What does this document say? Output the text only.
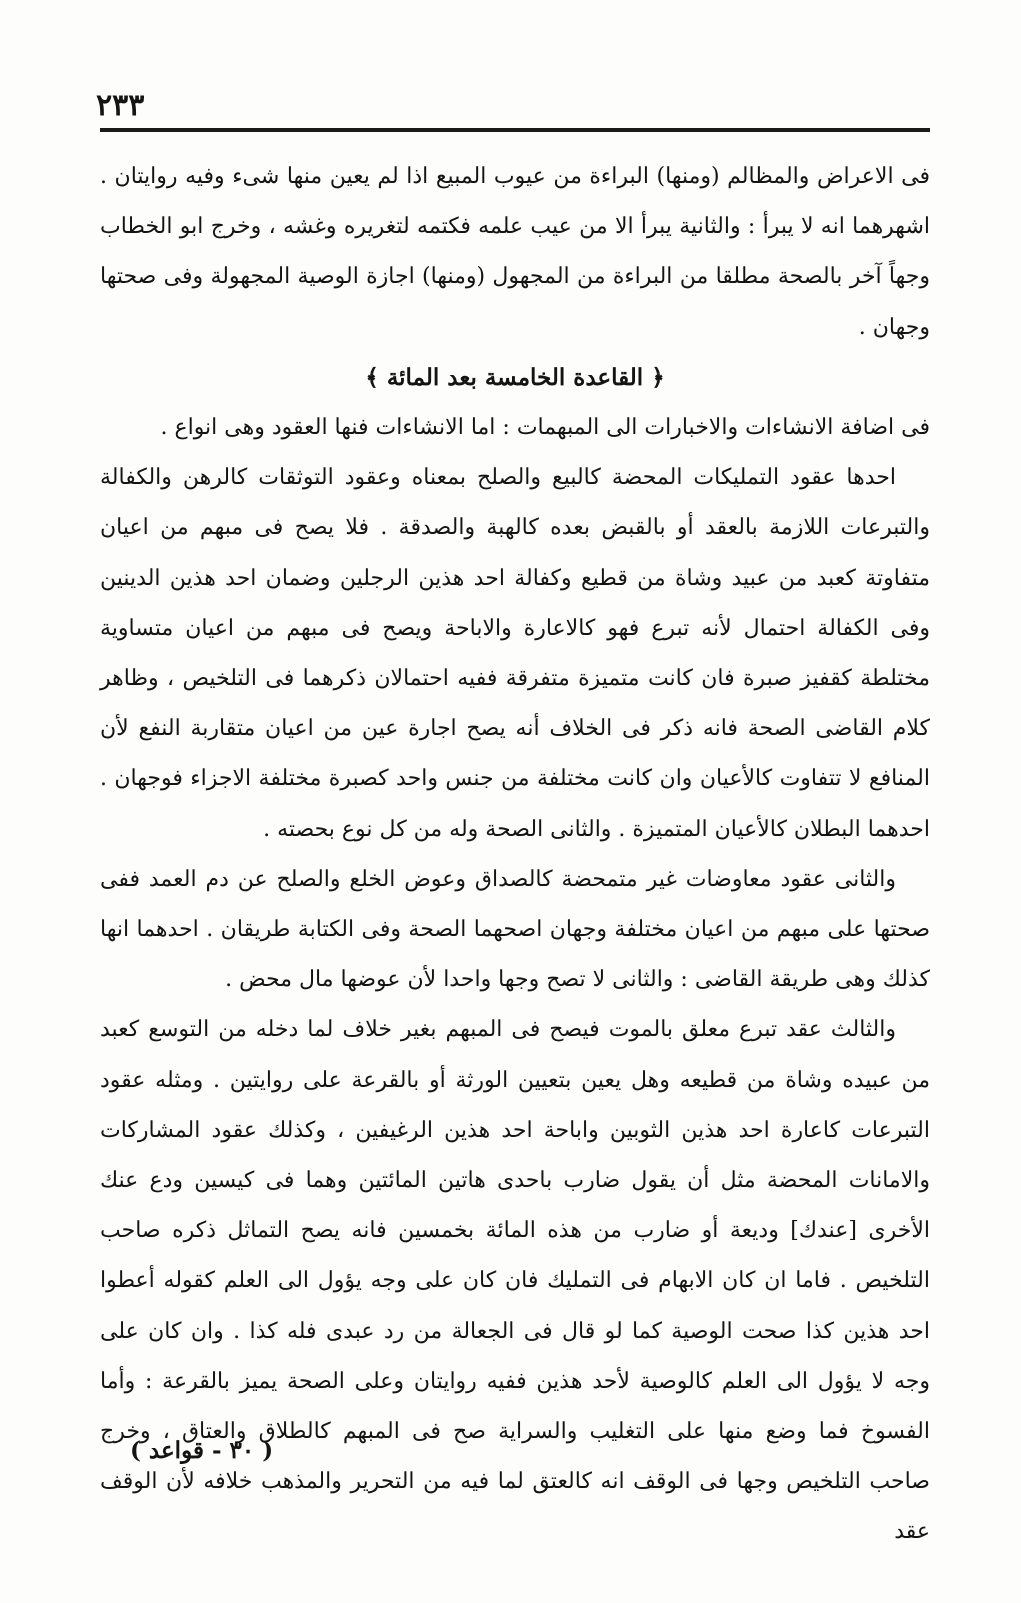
٢٣٣

فى الاعراض والمظالم (ومنها) البراءة من عيوب المبيع اذا لم يعين منها شىء وفيه روايتان . اشهرهما انه لا يبرأ : والثانية يبرأ الا من عيب علمه فكتمه لتغريره وغشه ، وخرج ابو الخطاب وجهاً آخر بالصحة مطلقا من البراءة من المجهول (ومنها) اجازة الوصية المجهولة وفى صحتها وجهان .

﴿ القاعدة الخامسة بعد المائة ﴾

فى اضافة الانشاءات والاخبارات الى المبهمات : اما الانشاءات فنها العقود وهى انواع .

احدها عقود التمليكات المحضة كالبيع والصلح بمعناه وعقود التوثقات كالرهن والكفالة والتبرعات اللازمة بالعقد أو بالقبض بعده كالهبة والصدقة . فلا يصح فى مبهم من اعيان متفاوتة كعبد من عبيد وشاة من قطيع وكفالة احد هذين الرجلين وضمان احد هذين الدينين وفى الكفالة احتمال لأنه تبرع فهو كالاعارة والاباحة ويصح فى مبهم من اعيان متساوية مختلطة كقفيز صبرة فان كانت متميزة متفرقة ففيه احتمالان ذكرهما فى التلخيص ، وظاهر كلام القاضى الصحة فانه ذكر فى الخلاف أنه يصح اجارة عين من اعيان متقاربة النفع لأن المنافع لا تتفاوت كالأعيان وان كانت مختلفة من جنس واحد كصبرة مختلفة الاجزاء فوجهان . احدهما البطلان كالأعيان المتميزة . والثانى الصحة وله من كل نوع بحصته .

والثانى عقود معاوضات غير متمحضة كالصداق وعوض الخلع والصلح عن دم العمد ففى صحتها على مبهم من اعيان مختلفة وجهان اصحهما الصحة وفى الكتابة طريقان . احدهما انها كذلك وهى طريقة القاضى : والثانى لا تصح وجها واحدا لأن عوضها مال محض .

والثالث عقد تبرع معلق بالموت فيصح فى المبهم بغير خلاف لما دخله من التوسع كعبد من عبيده وشاة من قطيعه وهل يعين بتعيين الورثة أو بالقرعة على روايتين . ومثله عقود التبرعات كاعارة احد هذين الثوبين واباحة احد هذين الرغيفين ، وكذلك عقود المشاركات والامانات المحضة مثل أن يقول ضارب باحدى هاتين المائتين وهما فى كيسين ودع عنك الأخرى [عندك] وديعة أو ضارب من هذه المائة بخمسين فانه يصح التماثل ذكره صاحب التلخيص . فاما ان كان الابهام فى التمليك فان كان على وجه يؤول الى العلم كقوله أعطوا احد هذين كذا صحت الوصية كما لو قال فى الجعالة من رد عبدى فله كذا . وان كان على وجه لا يؤول الى العلم كالوصية لأحد هذين ففيه روايتان وعلى الصحة يميز بالقرعة : وأما الفسوخ فما وضع منها على التغليب والسراية صح فى المبهم كالطلاق والعتاق ، وخرج صاحب التلخيص وجها فى الوقف انه كالعتق لما فيه من التحرير والمذهب خلافه لأن الوقف عقد

( ٣٠ - قواعد )
